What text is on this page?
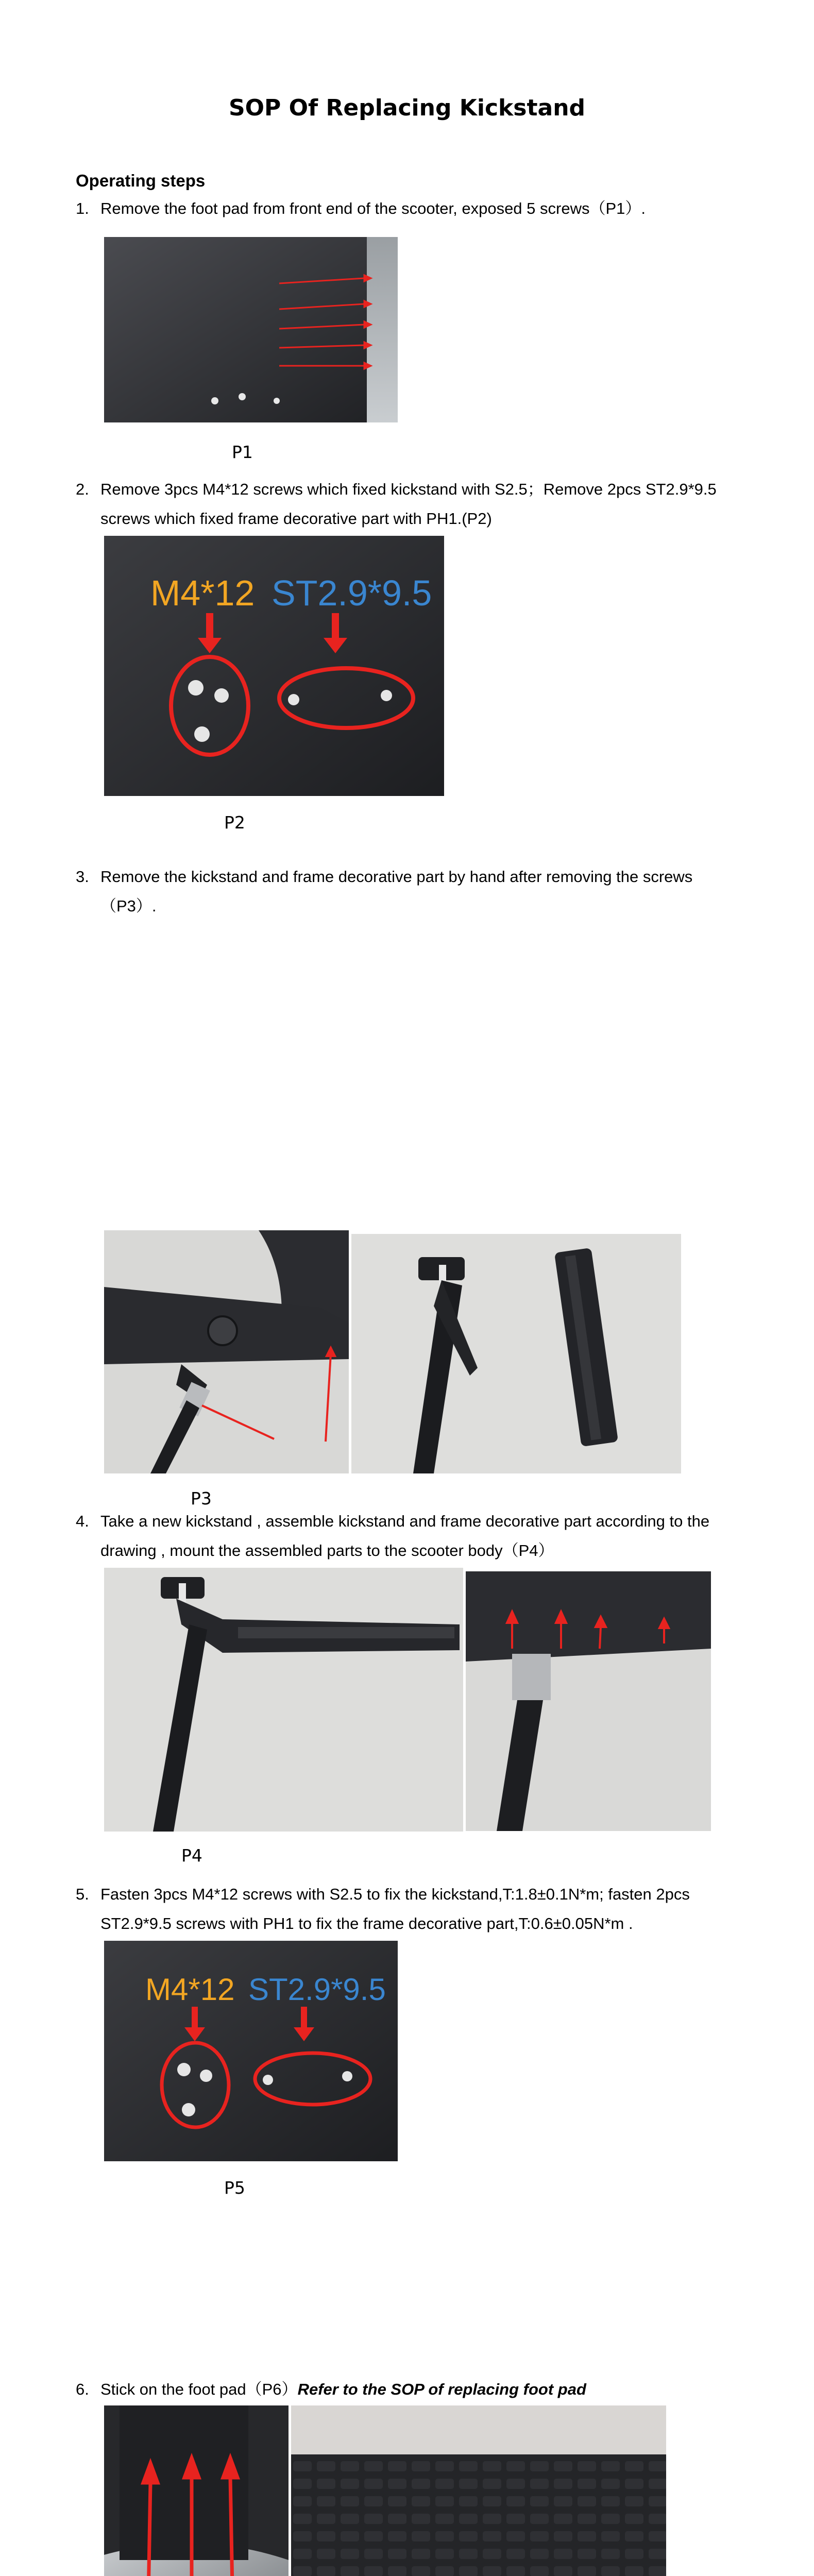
SOP Of Replacing Kickstand
Operating steps
1. Remove the foot pad from front end of the scooter, exposed 5 screws（P1）.
P1
2. Remove 3pcs M4*12 screws which fixed kickstand with S2.5；Remove 2pcs ST2.9*9.5 screws which fixed frame decorative part with PH1.(P2)
M4*12 ST2.9*9.5
P2
3. Remove the kickstand and frame decorative part by hand after removing the screws（P3）.
P3
4. Take a new kickstand , assemble kickstand and frame decorative part according to the drawing , mount the assembled parts to the scooter body（P4）
P4
5. Fasten 3pcs M4*12 screws with S2.5 to fix the kickstand,T:1.8±0.1N*m; fasten 2pcs ST2.9*9.5 screws with PH1 to fix the frame decorative part,T:0.6±0.05N*m .
M4*12 ST2.9*9.5
P5
6. Stick on the foot pad（P6）Refer to the SOP of replacing foot pad
